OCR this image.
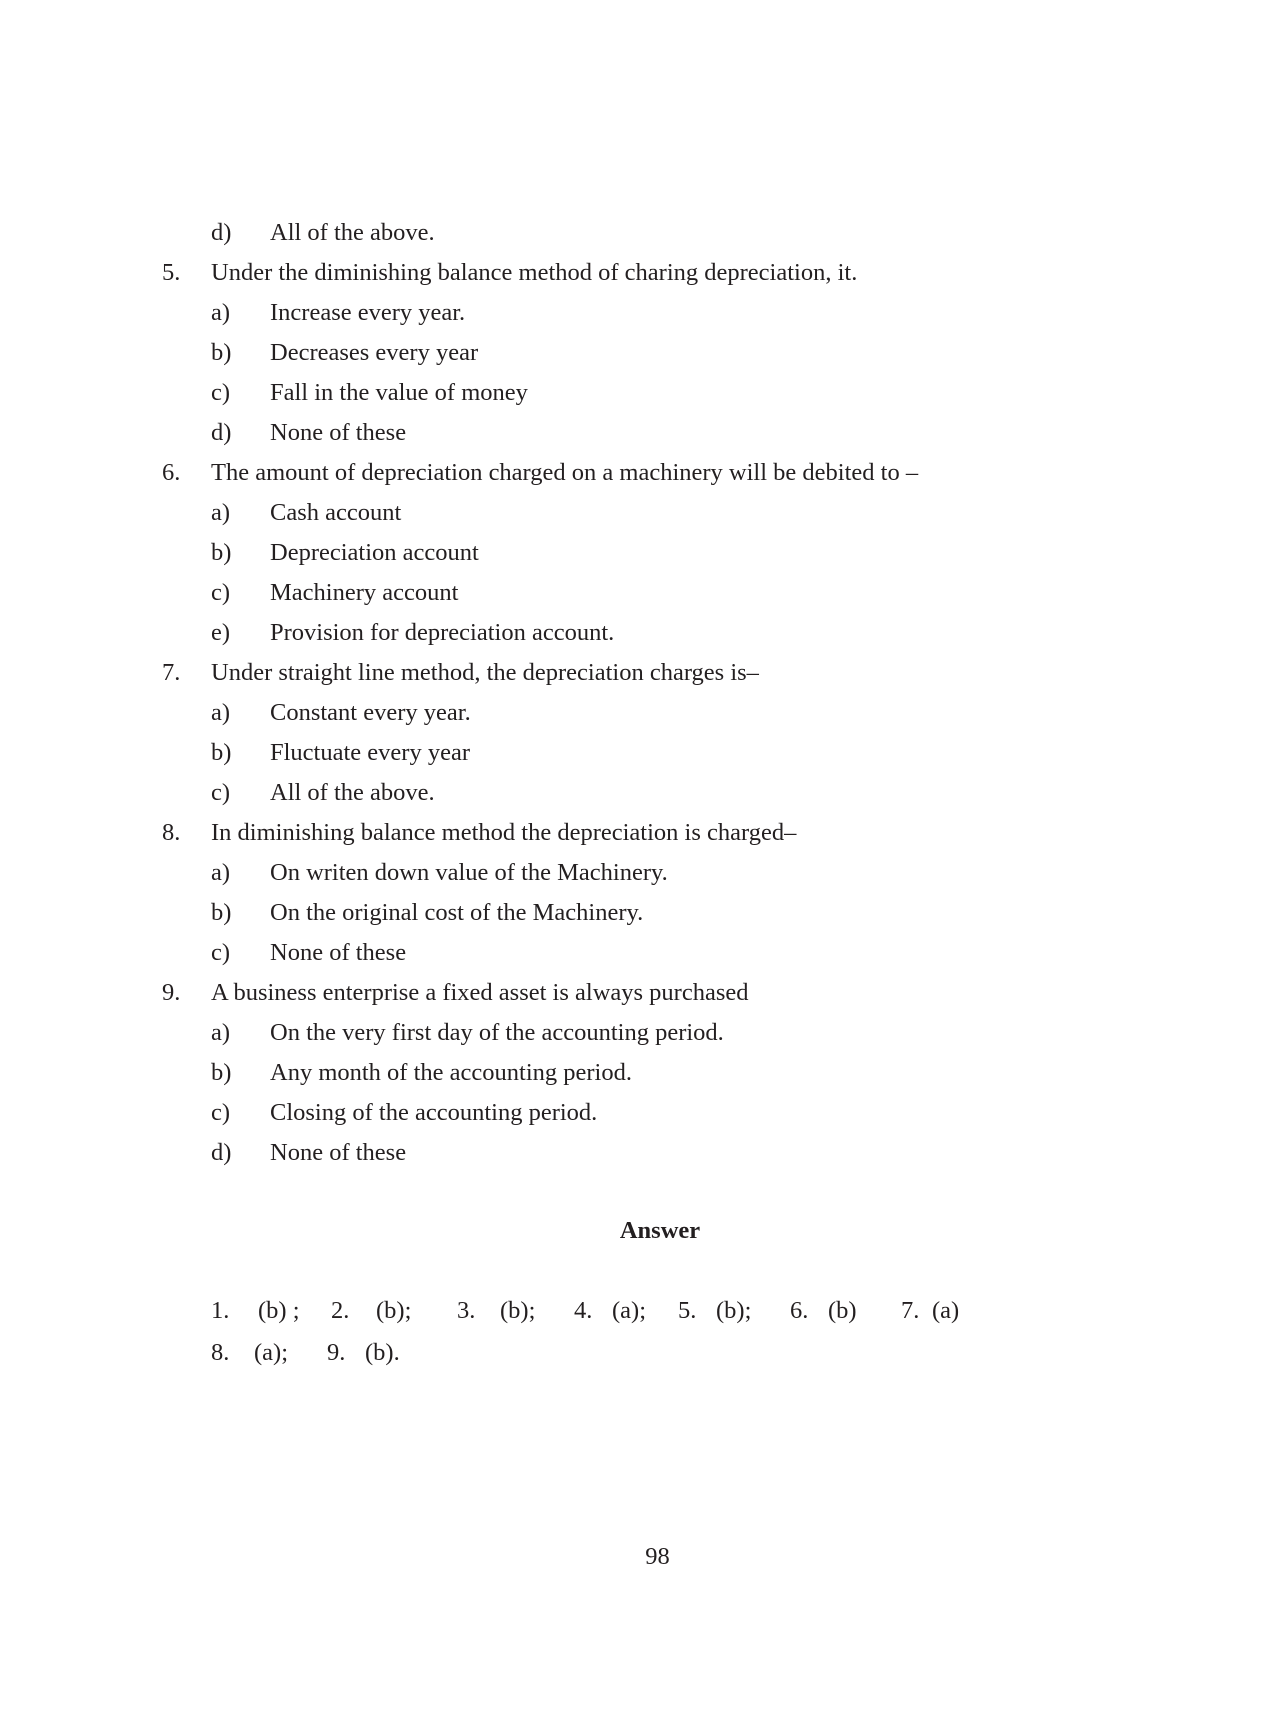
d) All of the above.
5. Under the diminishing balance method of charing depreciation, it.
a) Increase every year.
b) Decreases every year
c) Fall in the value of money
d) None of these
6. The amount of depreciation charged on a machinery will be debited to –
a) Cash account
b) Depreciation account
c) Machinery account
e) Provision for depreciation account.
7. Under straight line method, the depreciation charges is–
a) Constant every year.
b) Fluctuate every year
c) All of the above.
8. In diminishing balance method the depreciation is charged–
a) On writen down value of the Machinery.
b) On the original cost of the Machinery.
c) None of these
9. A business enterprise a fixed asset is always purchased
a) On the very first day of the accounting period.
b) Any month of the accounting period.
c) Closing of the accounting period.
d) None of these
Answer
1. (b) ; 2. (b); 3. (b); 4. (a); 5. (b); 6. (b) 7. (a)
8. (a); 9. (b).
98
